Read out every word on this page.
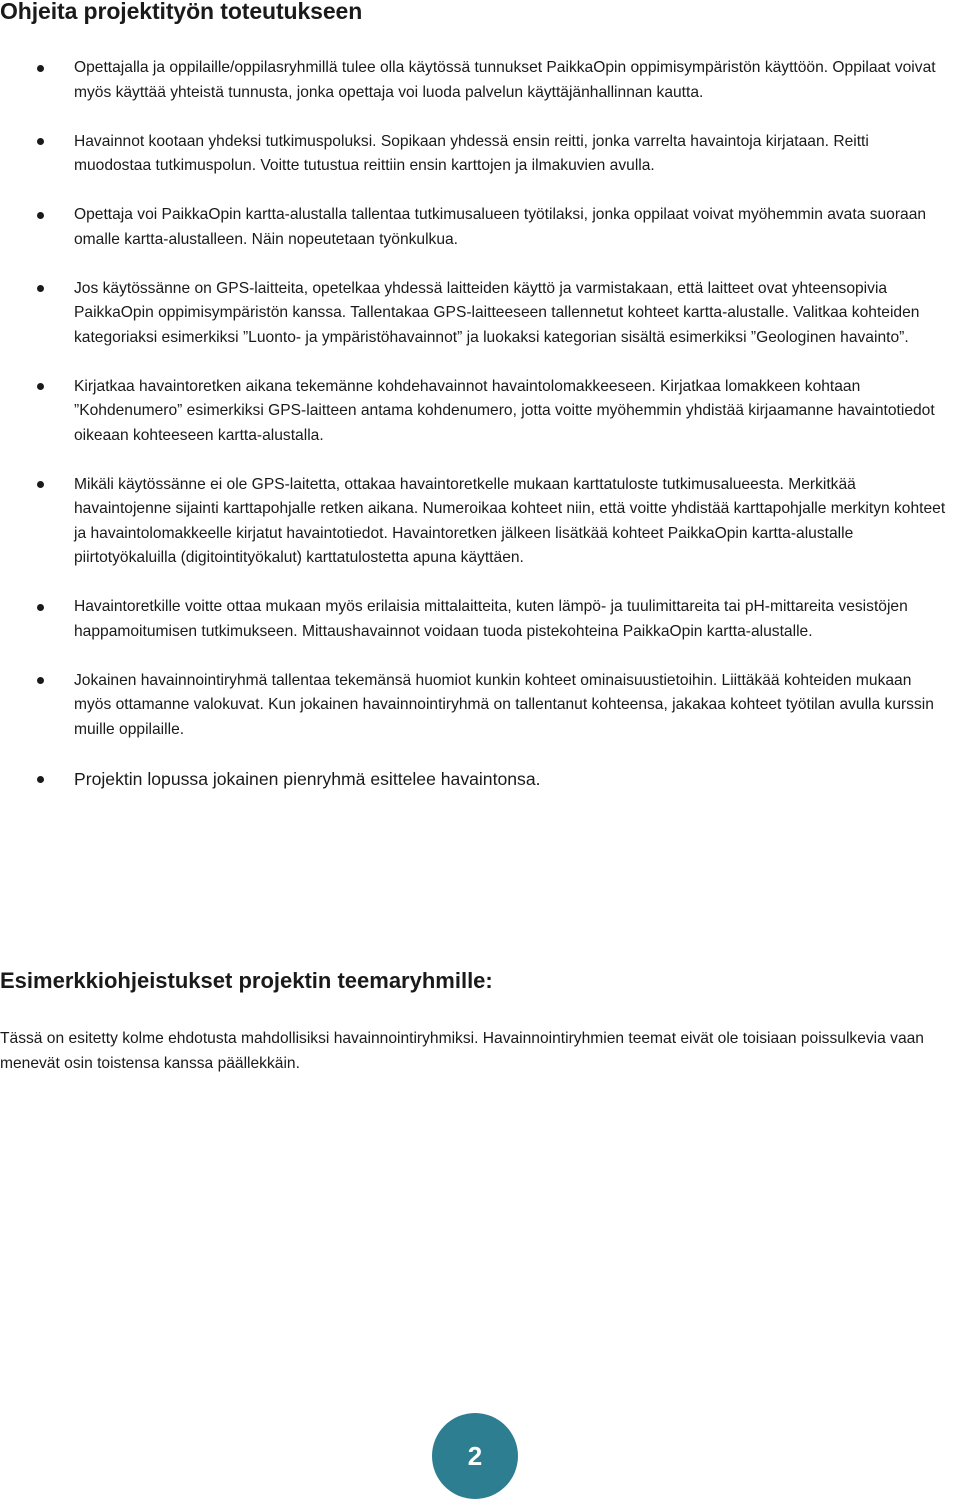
Ohjeita projektityön toteutukseen
Opettajalla ja oppilaille/oppilasryhmillä tulee olla käytössä tunnukset PaikkaOpin oppimisympäristön käyttöön. Oppilaat voivat myös käyttää yhteistä tunnusta, jonka opettaja voi luoda palvelun käyttäjänhallinnan kautta.
Havainnot kootaan yhdeksi tutkimuspoluksi. Sopikaan yhdessä ensin reitti, jonka varrelta havaintoja kirjataan. Reitti muodostaa tutkimuspolun. Voitte tutustua reittiin ensin karttojen ja ilmakuvien avulla.
Opettaja voi PaikkaOpin kartta-alustalla tallentaa tutkimusalueen työtilaksi, jonka oppilaat voivat myöhemmin avata suoraan omalle kartta-alustalleen. Näin nopeutetaan työnkulkua.
Jos käytössänne on GPS-laitteita, opetelkaa yhdessä laitteiden käyttö ja varmistakaan, että laitteet ovat yhteensopivia PaikkaOpin oppimisympäristön kanssa. Tallentakaa GPS-laitteeseen tallennetut kohteet kartta-alustalle. Valitkaa kohteiden kategoriaksi esimerkiksi ”Luonto- ja ympäristöhavainnot” ja luokaksi kategorian sisältä esimerkiksi ”Geologinen havainto”.
Kirjatkaa havaintoretken aikana tekemänne kohdehavainnot havaintolomakkeeseen. Kirjatkaa lomakkeen kohtaan ”Kohdenumero” esimerkiksi GPS-laitteen antama kohdenumero, jotta voitte myöhemmin yhdistää kirjaamanne havaintotiedot oikeaan kohteeseen kartta-alustalla.
Mikäli käytössänne ei ole GPS-laitetta, ottakaa havaintoretkelle mukaan karttatuloste tutkimusalueesta. Merkitkää havaintojenne sijainti karttapohjalle retken aikana. Numeroikaa kohteet niin, että voitte yhdistää karttapohjalle merkityn kohteet ja havaintolomakkeelle kirjatut havaintotiedot. Havaintoretken jälkeen lisätkää kohteet PaikkaOpin kartta-alustalle piirtotyökaluilla (digitointityökalut) karttatulostetta apuna käyttäen.
Havaintoretkille voitte ottaa mukaan myös erilaisia mittalaitteita, kuten lämpö- ja tuulimittareita tai pH-mittareita vesistöjen happamoitumisen tutkimukseen. Mittaushavainnot voidaan tuoda pistekohteina PaikkaOpin kartta-alustalle.
Jokainen havainnointiryhmä tallentaa tekemänsä huomiot kunkin kohteet ominaisuustietoihin. Liittäkää kohteiden mukaan myös ottamanne valokuvat. Kun jokainen havainnointiryhmä on tallentanut kohteensa, jakakaa kohteet työtilan avulla kurssin muille oppilaille.
Projektin lopussa jokainen pienryhmä esittelee havaintonsa.
Esimerkkiohjeistukset projektin teemaryhmille:

Tässä on esitetty kolme ehdotusta mahdollisiksi havainnointiryhmiksi. Havainnointiryhmien teemat eivät ole toisiaan poissulkevia vaan menevät osin toistensa kanssa päällekkäin.

2
